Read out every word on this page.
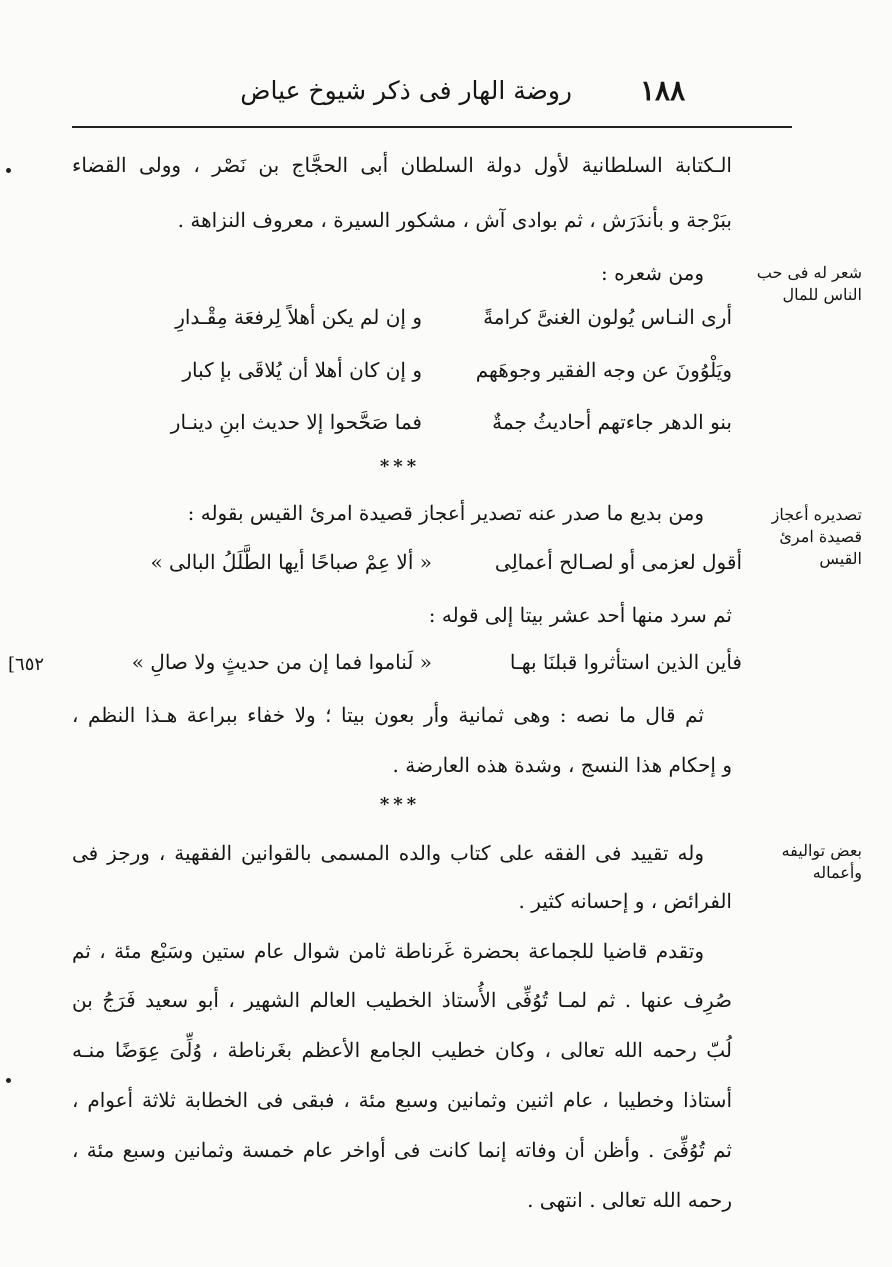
١٨٨
روضة الهار فى ذكر شيوخ عياض
الـكتابة السلطانية لأول دولة السلطان أبى الحجَّاج بن نَصْر ، وولى القضاء
ببَرْجة و بأندَرَش ، ثم بوادى آش ، مشكور السيرة ، معروف النزاهة .
شعر له فى حب
الناس للمال
ومن شعره :
أرى النـاس يُولون الغنىَّ كرامةً
و إن لم يكن أهلاً لِرفعَة مِقْـدارِ
ويَلْوُونَ عن وجه الفقير وجوهَهم
و إن كان أهلا أن يُلاقَى بإ كبار
بنو الدهر جاءتهم أحاديثُ جمةٌ
فما صَحَّحوا إلا حديث ابنِ دينـار
***
تصديره أعجاز
قصيدة امرئ
القيس
ومن بديع ما صدر عنه تصدير أعجاز قصيدة امرىٔ القيس بقوله :
أقول لعزمى أو لصـالح أعمالِى
« ألا عِمْ صباحًا أيها الطَّلَلُ البالى »
ثم سرد منها أحد عشر بيتا إلى قوله :
فأين الذين استأثروا قبلنَا بهـا
« لَناموا فما إن من حديثٍ ولا صالِ »
[٦٥٢
ثم قال ما نصه : وهى ثمانية وأر بعون بيتا ؛ ولا خفاء ببراعة هـذا النظم ،
و إحكام هذا النسج ، وشدة هذه العارضة .
***
بعض تواليفه
وأعماله
وله تقييد فى الفقه على كتاب والده المسمى بالقوانين الفقهية ، ورجز فى
الفرائض ، و إحسانه كثير .
وتقدم قاضيا للجماعة بحضرة غَرناطة ثامن شوال عام ستين وسَبْع مئة ، ثم
صُرِف عنها . ثم لمـا تُوُفِّى الأُستاذ الخطيب العالم الشهير ، أبو سعيد فَرَجُ بن
لُبّ رحمه الله تعالى ، وكان خطيب الجامع الأعظم بغَرناطة ، وُلِّىَ عِوَضًا منـه
أستاذا وخطيبا ، عام اثنين وثمانين وسبع مئة ، فبقى فى الخطابة ثلاثة أعوام ،
ثم تُوُفِّىَ . وأظن أن وفاته إنما كانت فى أواخر عام خمسة وثمانين وسبع مئة ،
رحمه الله تعالى . انتهى .
